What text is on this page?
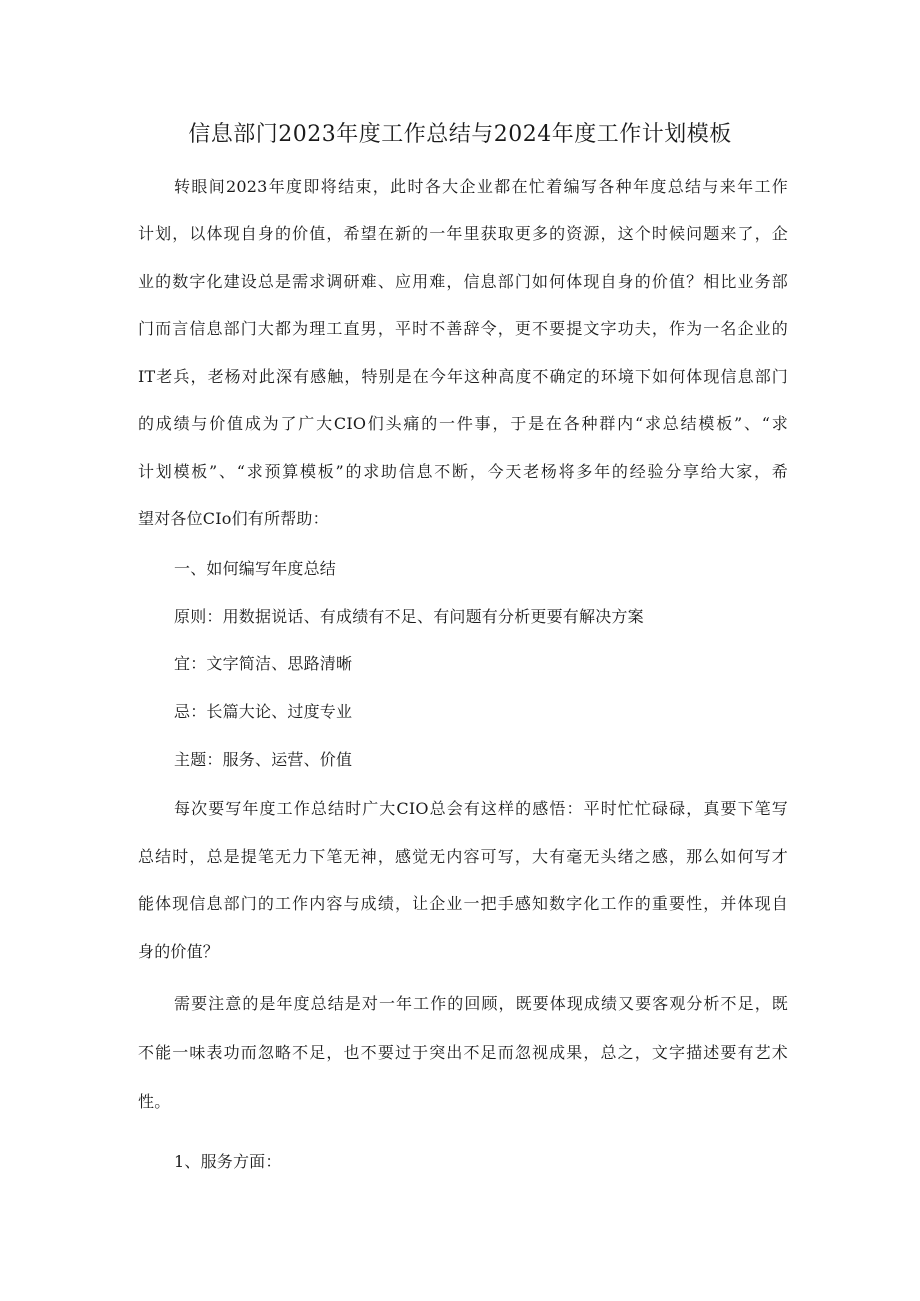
信息部门2023年度工作总结与2024年度工作计划模板

转眼间2023年度即将结束，此时各大企业都在忙着编写各种年度总结与来年工作

计划，以体现自身的价值，希望在新的一年里获取更多的资源，这个时候问题来了，企

业的数字化建设总是需求调研难、应用难，信息部门如何体现自身的价值？相比业务部

门而言信息部门大都为理工直男，平时不善辞令，更不要提文字功夫，作为一名企业的

IT老兵，老杨对此深有感触，特别是在今年这种高度不确定的环境下如何体现信息部门

的成绩与价值成为了广大CIO们头痛的一件事，于是在各种群内“求总结模板”、“求

计划模板”、“求预算模板”的求助信息不断，今天老杨将多年的经验分享给大家，希

望对各位CIo们有所帮助：

一、如何编写年度总结

原则：用数据说话、有成绩有不足、有问题有分析更要有解决方案

宜：文字简洁、思路清晰

忌：长篇大论、过度专业

主题：服务、运营、价值

每次要写年度工作总结时广大CIO总会有这样的感悟：平时忙忙碌碌，真要下笔写

总结时，总是提笔无力下笔无神，感觉无内容可写，大有毫无头绪之感，那么如何写才

能体现信息部门的工作内容与成绩，让企业一把手感知数字化工作的重要性，并体现自

身的价值？

需要注意的是年度总结是对一年工作的回顾，既要体现成绩又要客观分析不足，既

不能一味表功而忽略不足，也不要过于突出不足而忽视成果，总之，文字描述要有艺术

性。

1、服务方面：
